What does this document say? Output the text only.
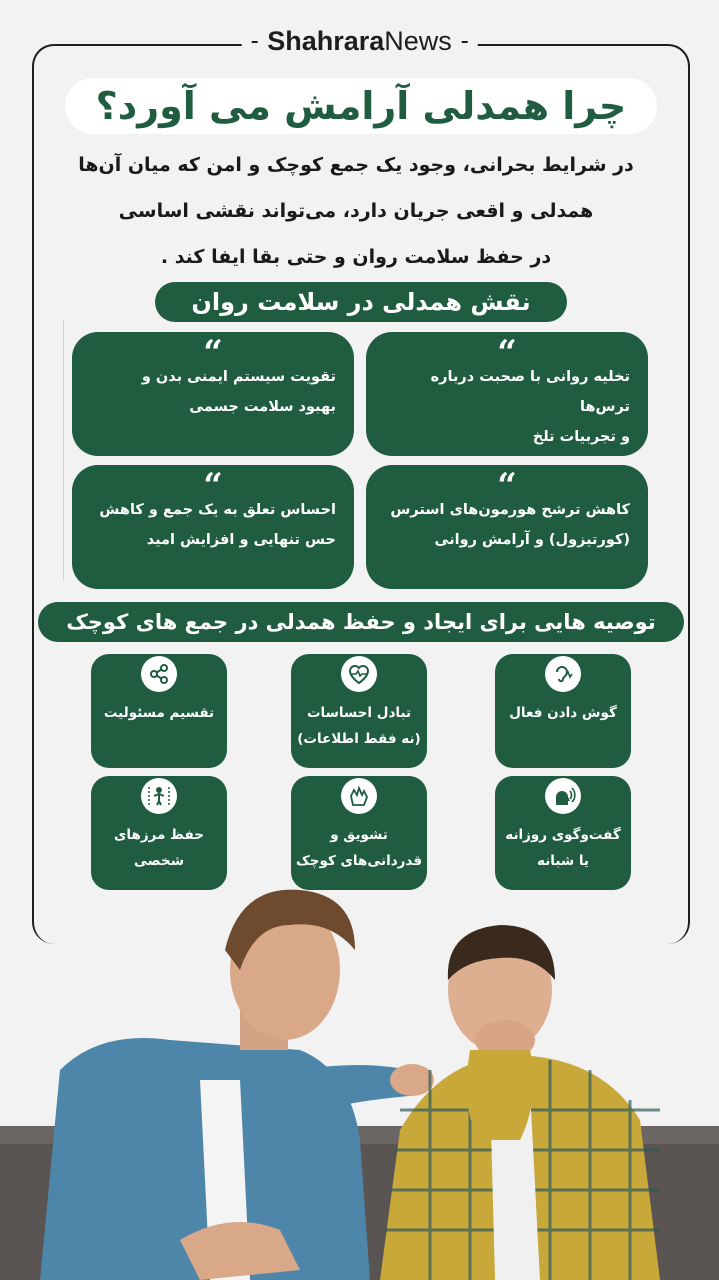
ShahraraNews
چرا همدلی آرامش می آورد؟
در شرایط بحرانی، وجود یک جمع کوچک و امن که میان آن‌ها
همدلی و اقعی جریان دارد، می‌تواند نقشی اساسی
در حفظ سلامت روان و حتی بقا ایفا کند .
نقش همدلی در سلامت روان
“
تخلیه روانی با صحبت درباره ترس‌ها
و تجربیات تلخ
“
تقویت سیستم ایمنی بدن و
بهبود سلامت جسمی
“
کاهش ترشح هورمون‌های استرس
(کورتیزول) و آرامش روانی
“
احساس تعلق به یک جمع و کاهش
حس تنهایی و افزایش امید
توصیه هایی برای ایجاد و حفظ همدلی در جمع های کوچک
گوش دادن فعال
تبادل احساسات
(نه فقط اطلاعات)
تقسیم مسئولیت
گفت‌وگوی روزانه
یا شبانه
تشویق و
قدردانی‌های کوچک
حفظ مرزهای شخصی
